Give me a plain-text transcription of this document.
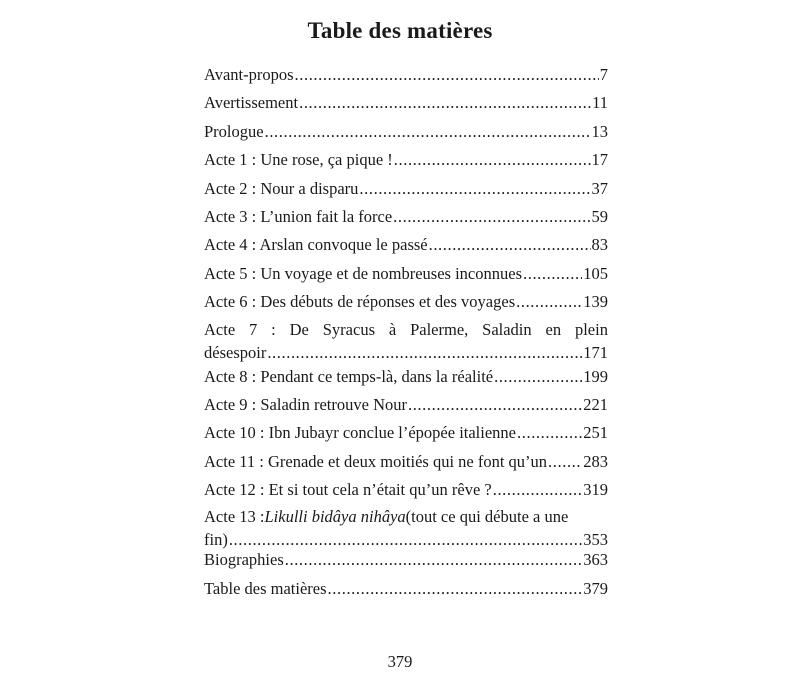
Table des matières
Avant-propos .....	7
Avertissement .....	11
Prologue .....	13
Acte 1 : Une rose, ça pique ! .....	17
Acte 2 : Nour a disparu .....	37
Acte 3 : L’union fait la force .....	59
Acte 4 : Arslan convoque le passé .....	83
Acte 5 : Un voyage et de nombreuses inconnues .....	105
Acte 6 : Des débuts de réponses et des voyages .....	139
Acte 7 : De Syracus à Palerme, Saladin en plein
désespoir .....	171
Acte 8 : Pendant ce temps-là, dans la réalité .....	199
Acte 9 : Saladin retrouve Nour .....	221
Acte 10 : Ibn Jubayr conclue l’épopée italienne .....	251
Acte 11 : Grenade et deux moitiés qui ne font qu’un ..... 283
Acte 12 : Et si tout cela n’était qu’un rêve ? .....	319
Acte 13 :Likulli bidâya nihâya(tout ce qui débute a une
fin) .....	353
Biographies .....	363
Table des matières .....	379
379
